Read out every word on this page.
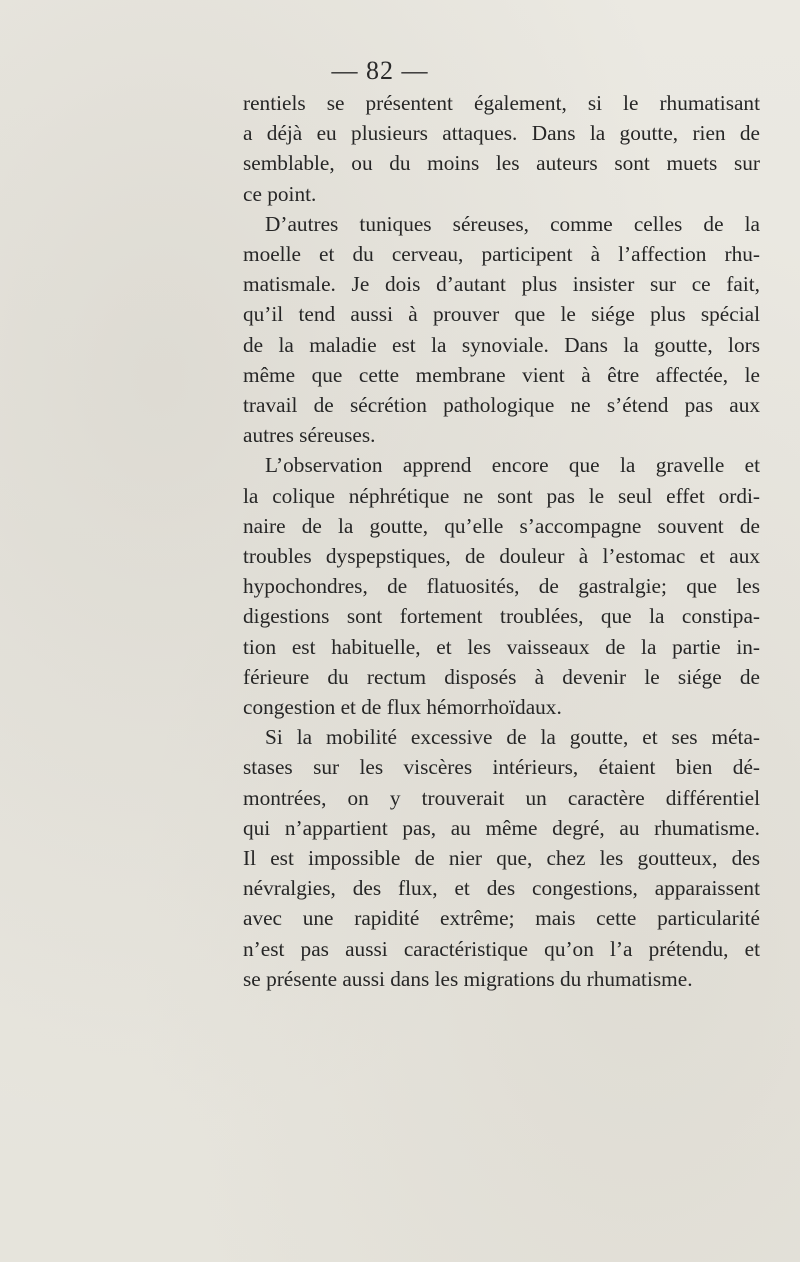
— 82 —
rentiels se présentent également, si le rhumatisant
a déjà eu plusieurs attaques. Dans la goutte, rien de
semblable, ou du moins les auteurs sont muets sur
ce point.
D’autres tuniques séreuses, comme celles de la
moelle et du cerveau, participent à l’affection rhu-
matismale. Je dois d’autant plus insister sur ce fait,
qu’il tend aussi à prouver que le siége plus spécial
de la maladie est la synoviale. Dans la goutte, lors
même que cette membrane vient à être affectée, le
travail de sécrétion pathologique ne s’étend pas aux
autres séreuses.
L’observation apprend encore que la gravelle et
la colique néphrétique ne sont pas le seul effet ordi-
naire de la goutte, qu’elle s’accompagne souvent de
troubles dyspepstiques, de douleur à l’estomac et aux
hypochondres, de flatuosités, de gastralgie; que les
digestions sont fortement troublées, que la constipa-
tion est habituelle, et les vaisseaux de la partie in-
férieure du rectum disposés à devenir le siége de
congestion et de flux hémorrhoïdaux.
Si la mobilité excessive de la goutte, et ses méta-
stases sur les viscères intérieurs, étaient bien dé-
montrées, on y trouverait un caractère différentiel
qui n’appartient pas, au même degré, au rhumatisme.
Il est impossible de nier que, chez les goutteux, des
névralgies, des flux, et des congestions, apparaissent
avec une rapidité extrême; mais cette particularité
n’est pas aussi caractéristique qu’on l’a prétendu, et
se présente aussi dans les migrations du rhumatisme.
